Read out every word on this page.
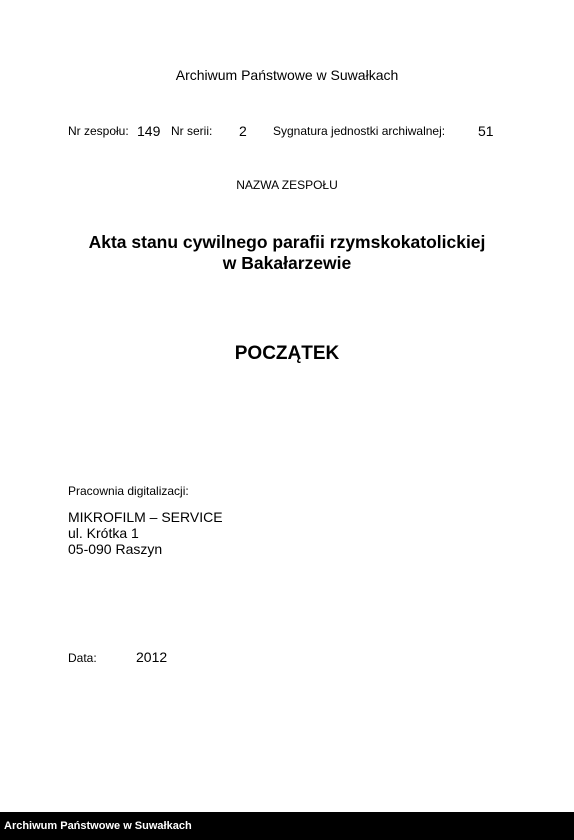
Archiwum Państwowe w Suwałkach
Nr zespołu: 149 Nr serii: 2 Sygnatura jednostki archiwalnej: 51
NAZWA ZESPOŁU
Akta stanu cywilnego parafii rzymskokatolickiej
w Bakałarzewie
POCZĄTEK
Pracownia digitalizacji:
MIKROFILM – SERVICE
ul. Krótka 1
05-090 Raszyn
Data:	2012
Archiwum Państwowe w Suwałkach
